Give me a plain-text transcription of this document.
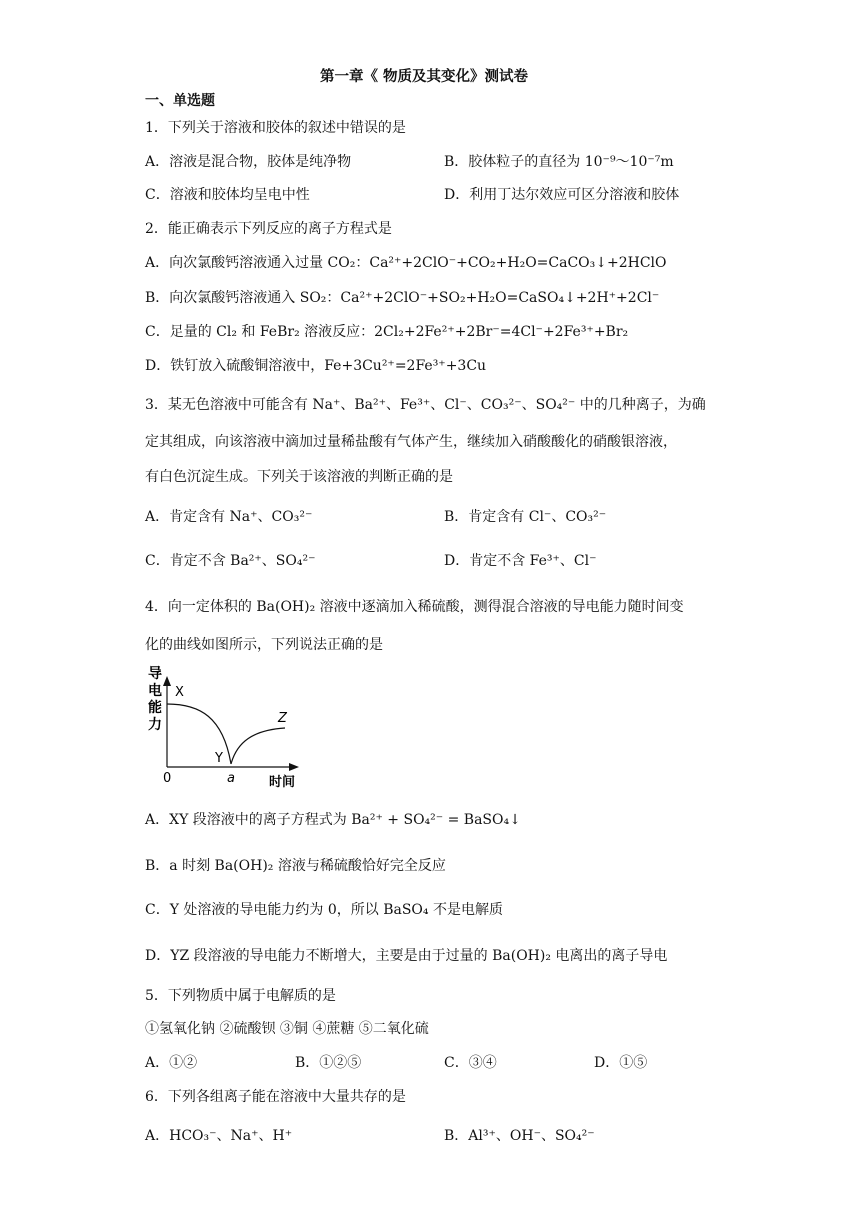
第一章《 物质及其变化》测试卷
一、单选题
1．下列关于溶液和胶体的叙述中错误的是
A．溶液是混合物，胶体是纯净物	B．胶体粒子的直径为 10⁻⁹～10⁻⁷m
C．溶液和胶体均呈电中性	D．利用丁达尔效应可区分溶液和胶体
2．能正确表示下列反应的离子方程式是
A．向次氯酸钙溶液通入过量 CO₂：Ca²⁺+2ClO⁻+CO₂+H₂O=CaCO₃↓+2HClO
B．向次氯酸钙溶液通入 SO₂：Ca²⁺+2ClO⁻+SO₂+H₂O=CaSO₄↓+2H⁺+2Cl⁻
C．足量的 Cl₂ 和 FeBr₂ 溶液反应：2Cl₂+2Fe²⁺+2Br⁻=4Cl⁻+2Fe³⁺+Br₂
D．铁钉放入硫酸铜溶液中，Fe+3Cu²⁺=2Fe³⁺+3Cu
3．某无色溶液中可能含有 Na⁺、Ba²⁺、Fe³⁺、Cl⁻、CO₃²⁻、SO₄²⁻ 中的几种离子，为确
定其组成，向该溶液中滴加过量稀盐酸有气体产生，继续加入硝酸酸化的硝酸银溶液，
有白色沉淀生成。下列关于该溶液的判断正确的是
A．肯定含有 Na⁺、CO₃²⁻	B．肯定含有 Cl⁻、CO₃²⁻
C．肯定不含 Ba²⁺、SO₄²⁻	D．肯定不含 Fe³⁺、Cl⁻
4．向一定体积的 Ba(OH)₂ 溶液中逐滴加入稀硫酸，测得混合溶液的导电能力随时间变
化的曲线如图所示，下列说法正确的是
导
电
能
力
X
Y
Z
a
0	时间
A．XY 段溶液中的离子方程式为 Ba²⁺ + SO₄²⁻ = BaSO₄↓
B．a 时刻 Ba(OH)₂ 溶液与稀硫酸恰好完全反应
C．Y 处溶液的导电能力约为 0，所以 BaSO₄ 不是电解质
D．YZ 段溶液的导电能力不断增大，主要是由于过量的 Ba(OH)₂ 电离出的离子导电
5．下列物质中属于电解质的是
①氢氧化钠 ②硫酸钡 ③铜 ④蔗糖 ⑤二氧化硫
A．①②	B．①②⑤	C．③④	D．①⑤
6．下列各组离子能在溶液中大量共存的是
A．HCO₃⁻、Na⁺、H⁺	B．Al³⁺、OH⁻、SO₄²⁻
